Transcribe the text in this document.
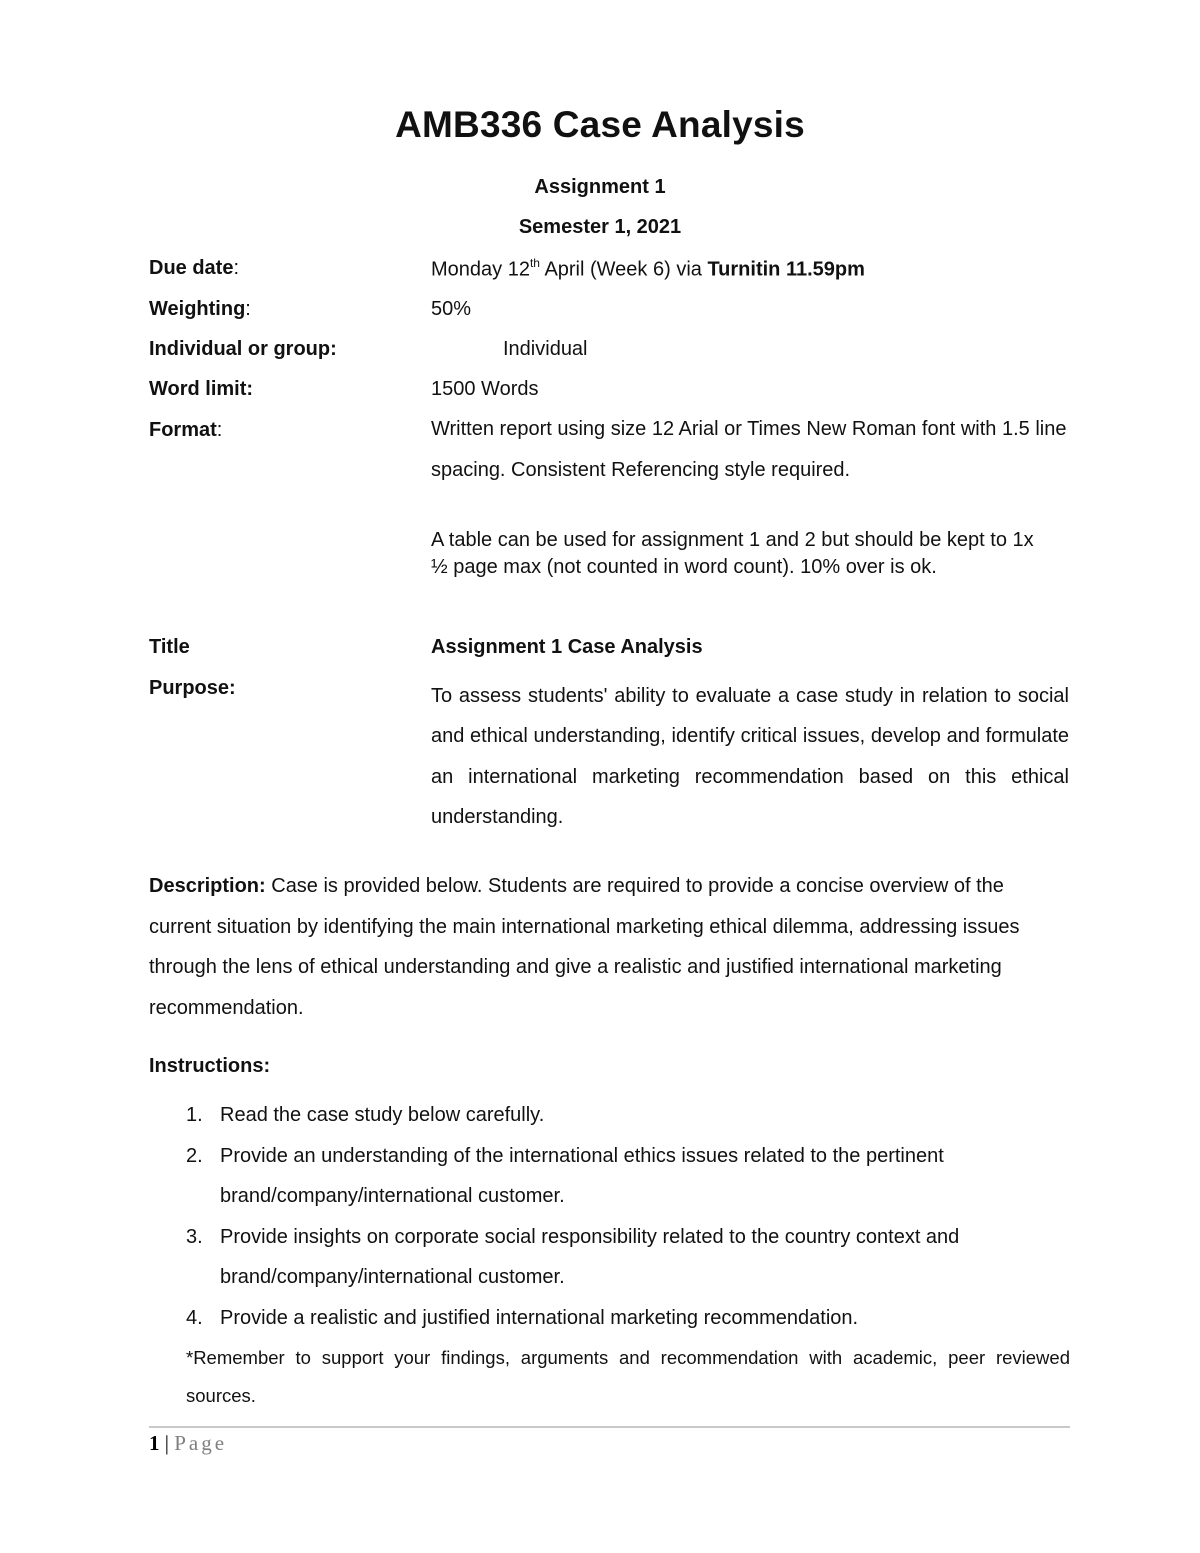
AMB336 Case Analysis
Assignment 1
Semester 1, 2021
Due date:	Monday 12th April (Week 6) via Turnitin 11.59pm
Weighting:	50%
Individual or group:	Individual
Word limit:	1500 Words
Format:	Written report using size 12 Arial or Times New Roman font with 1.5 line spacing. Consistent Referencing style required.
A table can be used for assignment 1 and 2 but should be kept to 1x ½ page max (not counted in word count). 10% over is ok.
Title	Assignment 1 Case Analysis
Purpose:	To assess students' ability to evaluate a case study in relation to social and ethical understanding, identify critical issues, develop and formulate an international marketing recommendation based on this ethical understanding.
Description: Case is provided below. Students are required to provide a concise overview of the current situation by identifying the main international marketing ethical dilemma, addressing issues through the lens of ethical understanding and give a realistic and justified international marketing recommendation.
Instructions:
1. Read the case study below carefully.
2. Provide an understanding of the international ethics issues related to the pertinent brand/company/international customer.
3. Provide insights on corporate social responsibility related to the country context and brand/company/international customer.
4. Provide a realistic and justified international marketing recommendation.
*Remember to support your findings, arguments and recommendation with academic, peer reviewed sources.
1 | Page
